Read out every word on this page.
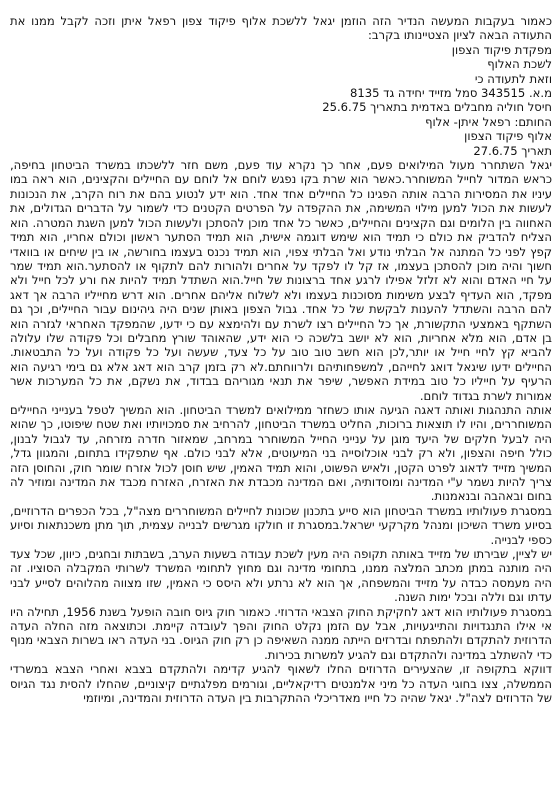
כאמור בעקבות המעשה הנדיר הזה הוזמן יגאל ללשכת אלוף פיקוד צפון רפאל איתן וזכה לקבל ממנו את התעודה הבאה לציון הצטיינותו בקרב:

מפקדת פיקוד הצפון

לשכת האלוף

וזאת לתעודה כי

מ.א. 343515 סמל מזייד יחידה גד 8135

חיסל חוליה מחבלים באדמית בתאריך 25.6.75

החותם: רפאל איתן- אלוף

אלוף פיקוד הצפון

תאריך 27.6.75

יגאל השתחרר מעול המילואים פעם, אחר כך נקרא עוד פעם, משם חזר ללשכתו במשרד הביטחון בחיפה, כראש המדור לחייל המשוחרר.כאשר הוא שרת בקו נפגש לוחם אל לוחם עם החיילים והקצינים, הוא ראה במו עיניו את המסירות הרבה אותה הפגינו כל החיילים אחד אחד. הוא ידע לנטוע בהם את רוח הקרב, את הנכונות לעשות את הכול למען מילוי המשימה, את ההקפדה על הפרטים הקטנים כדי לשמור על הדברים הגדולים, את האחווה בין הלומים וגם הקצינים והחיילים, כאשר כל אחד מוכן להסתכן ולעשות הכול למען השגת המטרה. הוא הצליח להדביק את כולם כי תמיד הוא שימש דוגמה אישית, הוא תמיד הסתער ראשון וכולם אחריו, הוא תמיד קפץ לפני כל המתנה אל הבלתי נודע ואל הבלתי צפוי, הוא תמיד נכנס בעצמו בחורשה, או בין שיחים או בוואדי חשוך והיה מוכן להסתכן בעצמו, אז קל לו לפקד על אחרים ולהורות להם לתקוף או להסתער.הוא תמיד שמר על חיי האדם והוא לא זלזל אפילו לרגע אחד ברצונות של חייל.הוא השתדל תמיד להיות אח ורע לכל חייל ולא מפקד, הוא העדיף לבצע משימות מסוכנות בעצמו ולא לשלוח אליהם אחרים. הוא דרש מחייליו הרבה אך דאג להם הרבה והשתדל להענות לבקשת של כל אחד. גבול הצפון באותן שנים היה גיהינום עבור החיילים, וכך גם השתקף באמצעי התקשורת, אך כל החיילים רצו לשרת עם ולהימצא עם כי ידעו, שהמפקד האחראי לגזרה הוא בן אדם, הוא מלא אחריות, הוא לא יושב בלשכה כי הוא ידע, שהאוהד שורץ מחבלים וכל פקודה שלו עלולה להביא קץ לחיי חייל או יותר,לכן הוא חשב טוב טוב על כל צעד, שעשה ועל כל פקודה ועל כל התבטאות. החיילים ידעו שיגאל דואג לחייהם, למשפחותיהם ולרווחתם.לא רק בזמן קרב הוא דאג אלא גם בימי רגיעה הוא הרעיף על חייליו כל טוב במידת האפשר, שיפר את תנאי מגוריהם בבדוד, את נשקם, את כל המערכות אשר אמורות לשרת בגדוד לוחם.

אותה התנהגות ואותה דאגה הגיעה אותו כשחזר ממילואים למשרד הביטחון. הוא המשיך לטפל בענייני החיילים המשוחררים, והיו לו תוצאות ברוכות, החליט במשרד הביטחון, להרחיב את סמכויותיו ואת שטח שיפוטו, כך שהוא היה לבעל חלקים של היעד מוגן על ענייני החייל המשוחרר במרחב, שמאזור חדרה מזרחה, עד לגבול לבנון, כולל חיפה והצפון, ולא רק לבני אוכלוסייה בני המיעוטים, אלא לבני כולם. אף שתפקידו בתחום, והמגוון גדל, המשיך מזייד לדאוג לפרט הקטן, ולאיש הפשוט, והוא תמיד האמין, שיש חוסן לכול אזרח שומר חוק, והחוסן הזה צריך להיות נשמר ע"י המדינה ומוסדותיה, ואם המדינה מכבדת את האזרח, האזרח מכבד את המדינה ומוזיר לה בחום ובאהבה ובנאמנות.

במסגרת פעולותיו במשרד הביטחון הוא סייע בתכנון שכונות לחיילים המשוחררים מצה"ל, בכל הכפרים הדרוזיים, בסיוע משרד השיכון ומנהל מקרקעי ישראל.במסגרת זו חולקו מגרשים לבנייה עצמית, תוך מתן משכנתאות וסיוע כספי לבנייה.

יש לציין, שבירתו של מזייד באותה תקופה היה מעין לשכת עבודה בשעות הערב, בשבתות ובחגים, כיוון, שכל צעד היה מותנה במתן מכתב המלצה ממנו, בתחומי מדינה וגם מחוץ לתחומי המשרד לשרותי המקבלה הסוציו. זה היה מעמסה כבדה על מזייד והמשפחה, אך הוא לא נרתע ולא היסס כי האמין, שזו מצווה מהלוהים לסייע לבני עדתו וגם וללה ובכל ימות השנה.

במסגרת פעולותיו הוא דאג לחקיקת החוק הצבאי הדרוזי. כאמור חוק גיוס חובה הופעל בשנת 1956, תחילה היו אי אילו התנגדויות והתייגעויות, אבל עם הזמן נקלט החוק והפך לעובדה קיימת. וכתוצאה מזה החלה העדה הדרוזית להתקדם ולהתפתח ובדרזים הייתה ממנה השאיפה כן רק חוק הגיוס. בני העדה ראו בשרות הצבאי מנוף כדי להשתלב במדינה ולהתקדם וגם להגיע למשרות בכירות.

דווקא בתקופה זו, שהצעירים הדרוזים החלו לשאוף להגיע קדימה ולהתקדם בצבא ואחרי הצבא במשרדי הממשלה, צצו בחוגי העדה כל מיני אלמנטים רדיקאליים, וגורמים מפלגתיים קיצוניים, שהחלו להסית נגד הגיוס של הדרוזים לצה"ל. יגאל שהיה כל חייו מאדריכלי ההתקרבות בין העדה הדרוזית והמדינה, ומיוזמי
